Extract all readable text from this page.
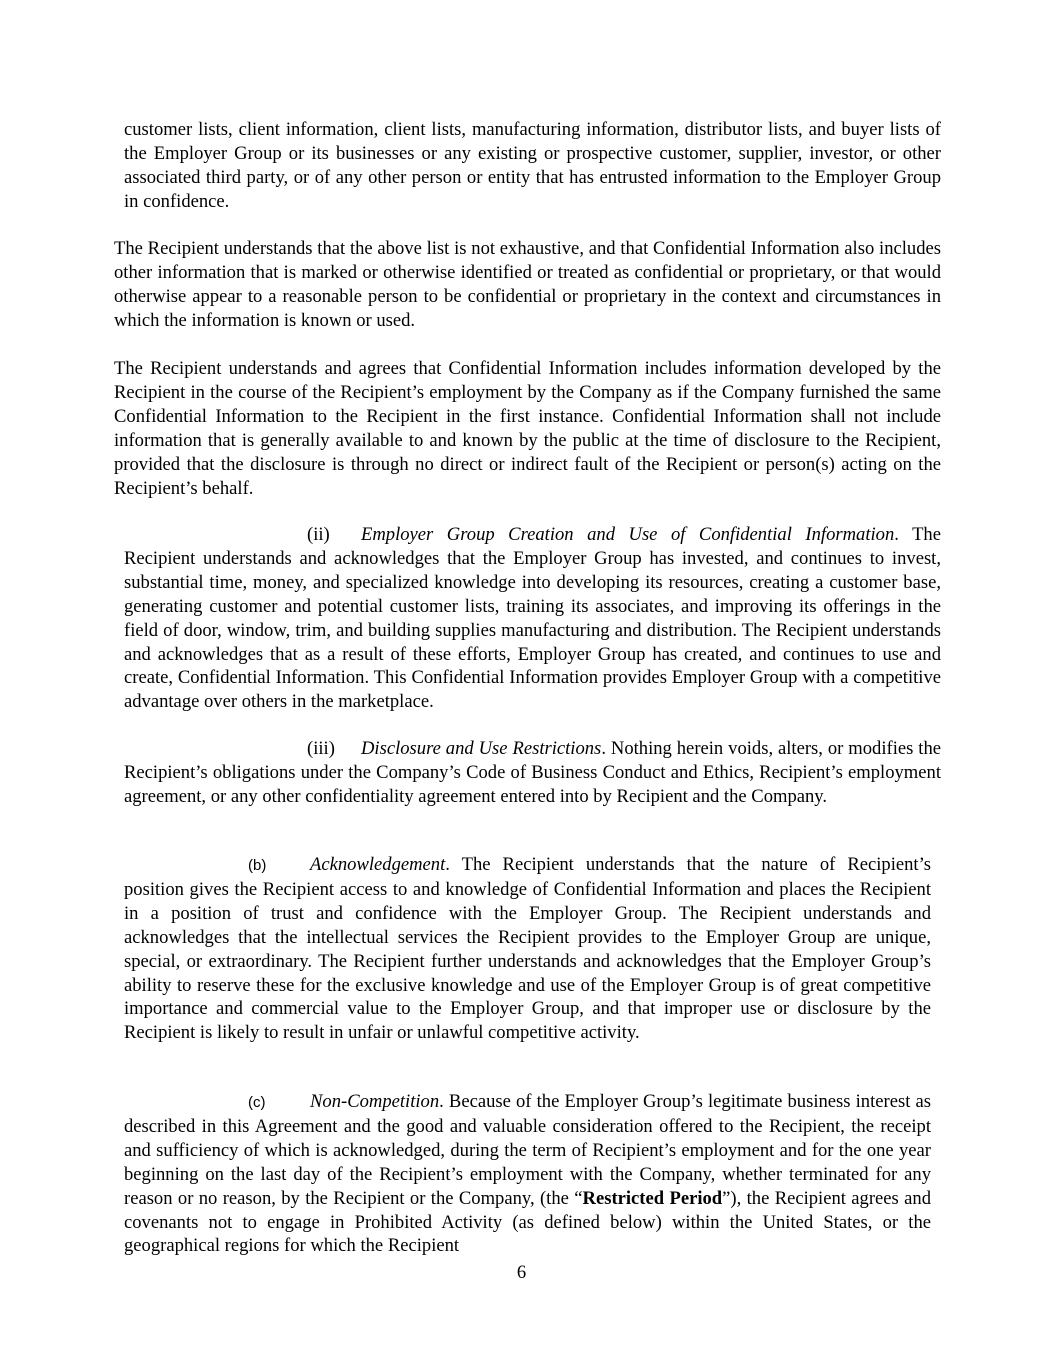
customer lists, client information, client lists, manufacturing information, distributor lists, and buyer lists of the Employer Group or its businesses or any existing or prospective customer, supplier, investor, or other associated third party, or of any other person or entity that has entrusted information to the Employer Group in confidence.

The Recipient understands that the above list is not exhaustive, and that Confidential Information also includes other information that is marked or otherwise identified or treated as confidential or proprietary, or that would otherwise appear to a reasonable person to be confidential or proprietary in the context and circumstances in which the information is known or used.

The Recipient understands and agrees that Confidential Information includes information developed by the Recipient in the course of the Recipient’s employment by the Company as if the Company furnished the same Confidential Information to the Recipient in the first instance. Confidential Information shall not include information that is generally available to and known by the public at the time of disclosure to the Recipient, provided that the disclosure is through no direct or indirect fault of the Recipient or person(s) acting on the Recipient’s behalf.

(ii) Employer Group Creation and Use of Confidential Information. The Recipient understands and acknowledges that the Employer Group has invested, and continues to invest, substantial time, money, and specialized knowledge into developing its resources, creating a customer base, generating customer and potential customer lists, training its associates, and improving its offerings in the field of door, window, trim, and building supplies manufacturing and distribution. The Recipient understands and acknowledges that as a result of these efforts, Employer Group has created, and continues to use and create, Confidential Information. This Confidential Information provides Employer Group with a competitive advantage over others in the marketplace.

(iii) Disclosure and Use Restrictions. Nothing herein voids, alters, or modifies the Recipient’s obligations under the Company’s Code of Business Conduct and Ethics, Recipient’s employment agreement, or any other confidentiality agreement entered into by Recipient and the Company.

(b) Acknowledgement. The Recipient understands that the nature of Recipient’s position gives the Recipient access to and knowledge of Confidential Information and places the Recipient in a position of trust and confidence with the Employer Group. The Recipient understands and acknowledges that the intellectual services the Recipient provides to the Employer Group are unique, special, or extraordinary. The Recipient further understands and acknowledges that the Employer Group’s ability to reserve these for the exclusive knowledge and use of the Employer Group is of great competitive importance and commercial value to the Employer Group, and that improper use or disclosure by the Recipient is likely to result in unfair or unlawful competitive activity.

(c) Non-Competition. Because of the Employer Group’s legitimate business interest as described in this Agreement and the good and valuable consideration offered to the Recipient, the receipt and sufficiency of which is acknowledged, during the term of Recipient’s employment and for the one year beginning on the last day of the Recipient’s employment with the Company, whether terminated for any reason or no reason, by the Recipient or the Company, (the “Restricted Period”), the Recipient agrees and covenants not to engage in Prohibited Activity (as defined below) within the United States, or the geographical regions for which the Recipient

6
